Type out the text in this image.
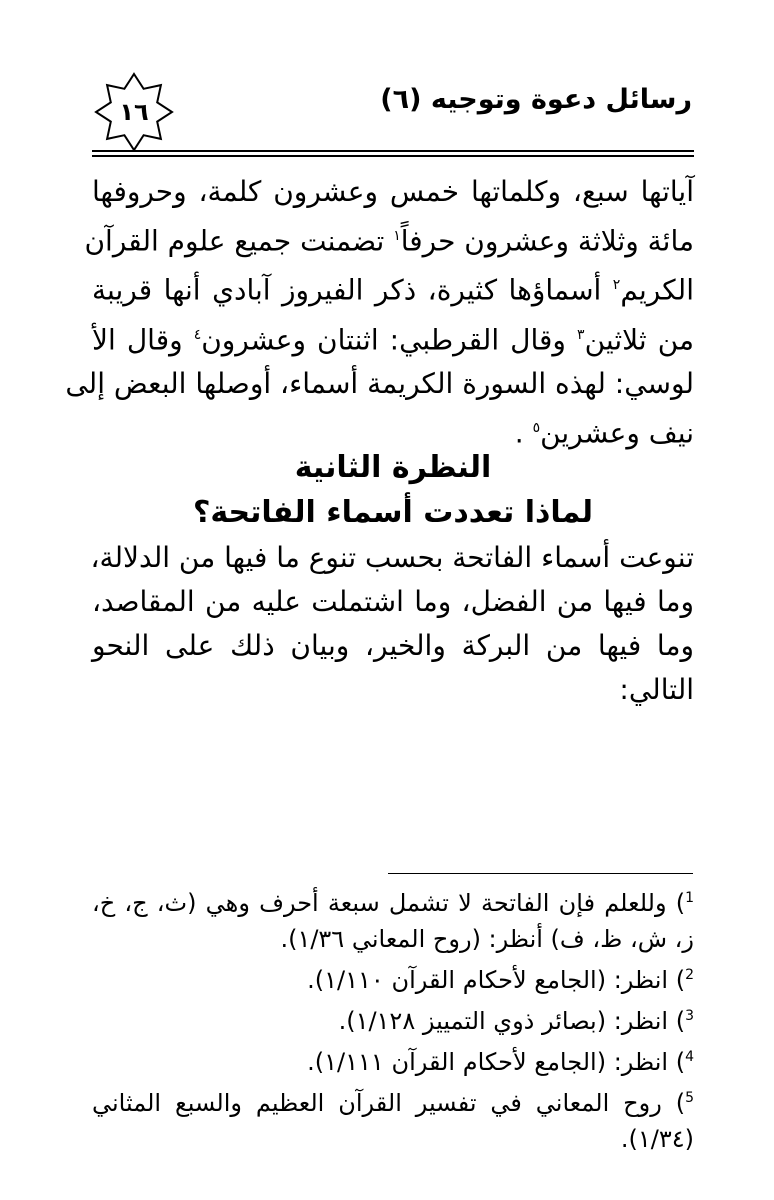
١٦	رسائل دعوة وتوجيه (٦)
آياتها سبع، وكلماتها خمس وعشرون كلمة، وحروفها
مائة وثلاثة وعشرون حرفاً$^١$ تضمنت جميع علوم القرآن
الكريم$^٢$ أسماؤها كثيرة، ذكر الفيروز آبادي أنها قريبة
من ثلاثين$^٣$ وقال القرطبي: اثنتان وعشرون$^٤$ وقال الأ
لوسي: لهذه السورة الكريمة أسماء، أوصلها البعض إلى
نيف وعشرين$^٥$ .
النظرة الثانية
لماذا تعددت أسماء الفاتحة؟
تنوعت أسماء الفاتحة بحسب تنوع ما فيها من الدلالة،
وما فيها من الفضل، وما اشتملت عليه من المقاصد،
وما فيها من البركة والخير، وبيان ذلك على النحو
التالي:
$^1$) وللعلم فإن الفاتحة لا تشمل سبعة أحرف وهي (ث، ج، خ،
ز، ش، ظ، ف) أنظر: (روح المعاني ١/٣٦).
$^2$) انظر: (الجامع لأحكام القرآن ١/١١٠).
$^3$) انظر: (بصائر ذوي التمييز ١/١٢٨).
$^4$) انظر: (الجامع لأحكام القرآن ١/١١١).
$^5$) روح المعاني في تفسير القرآن العظيم والسبع المثاني
(١/٣٤).
